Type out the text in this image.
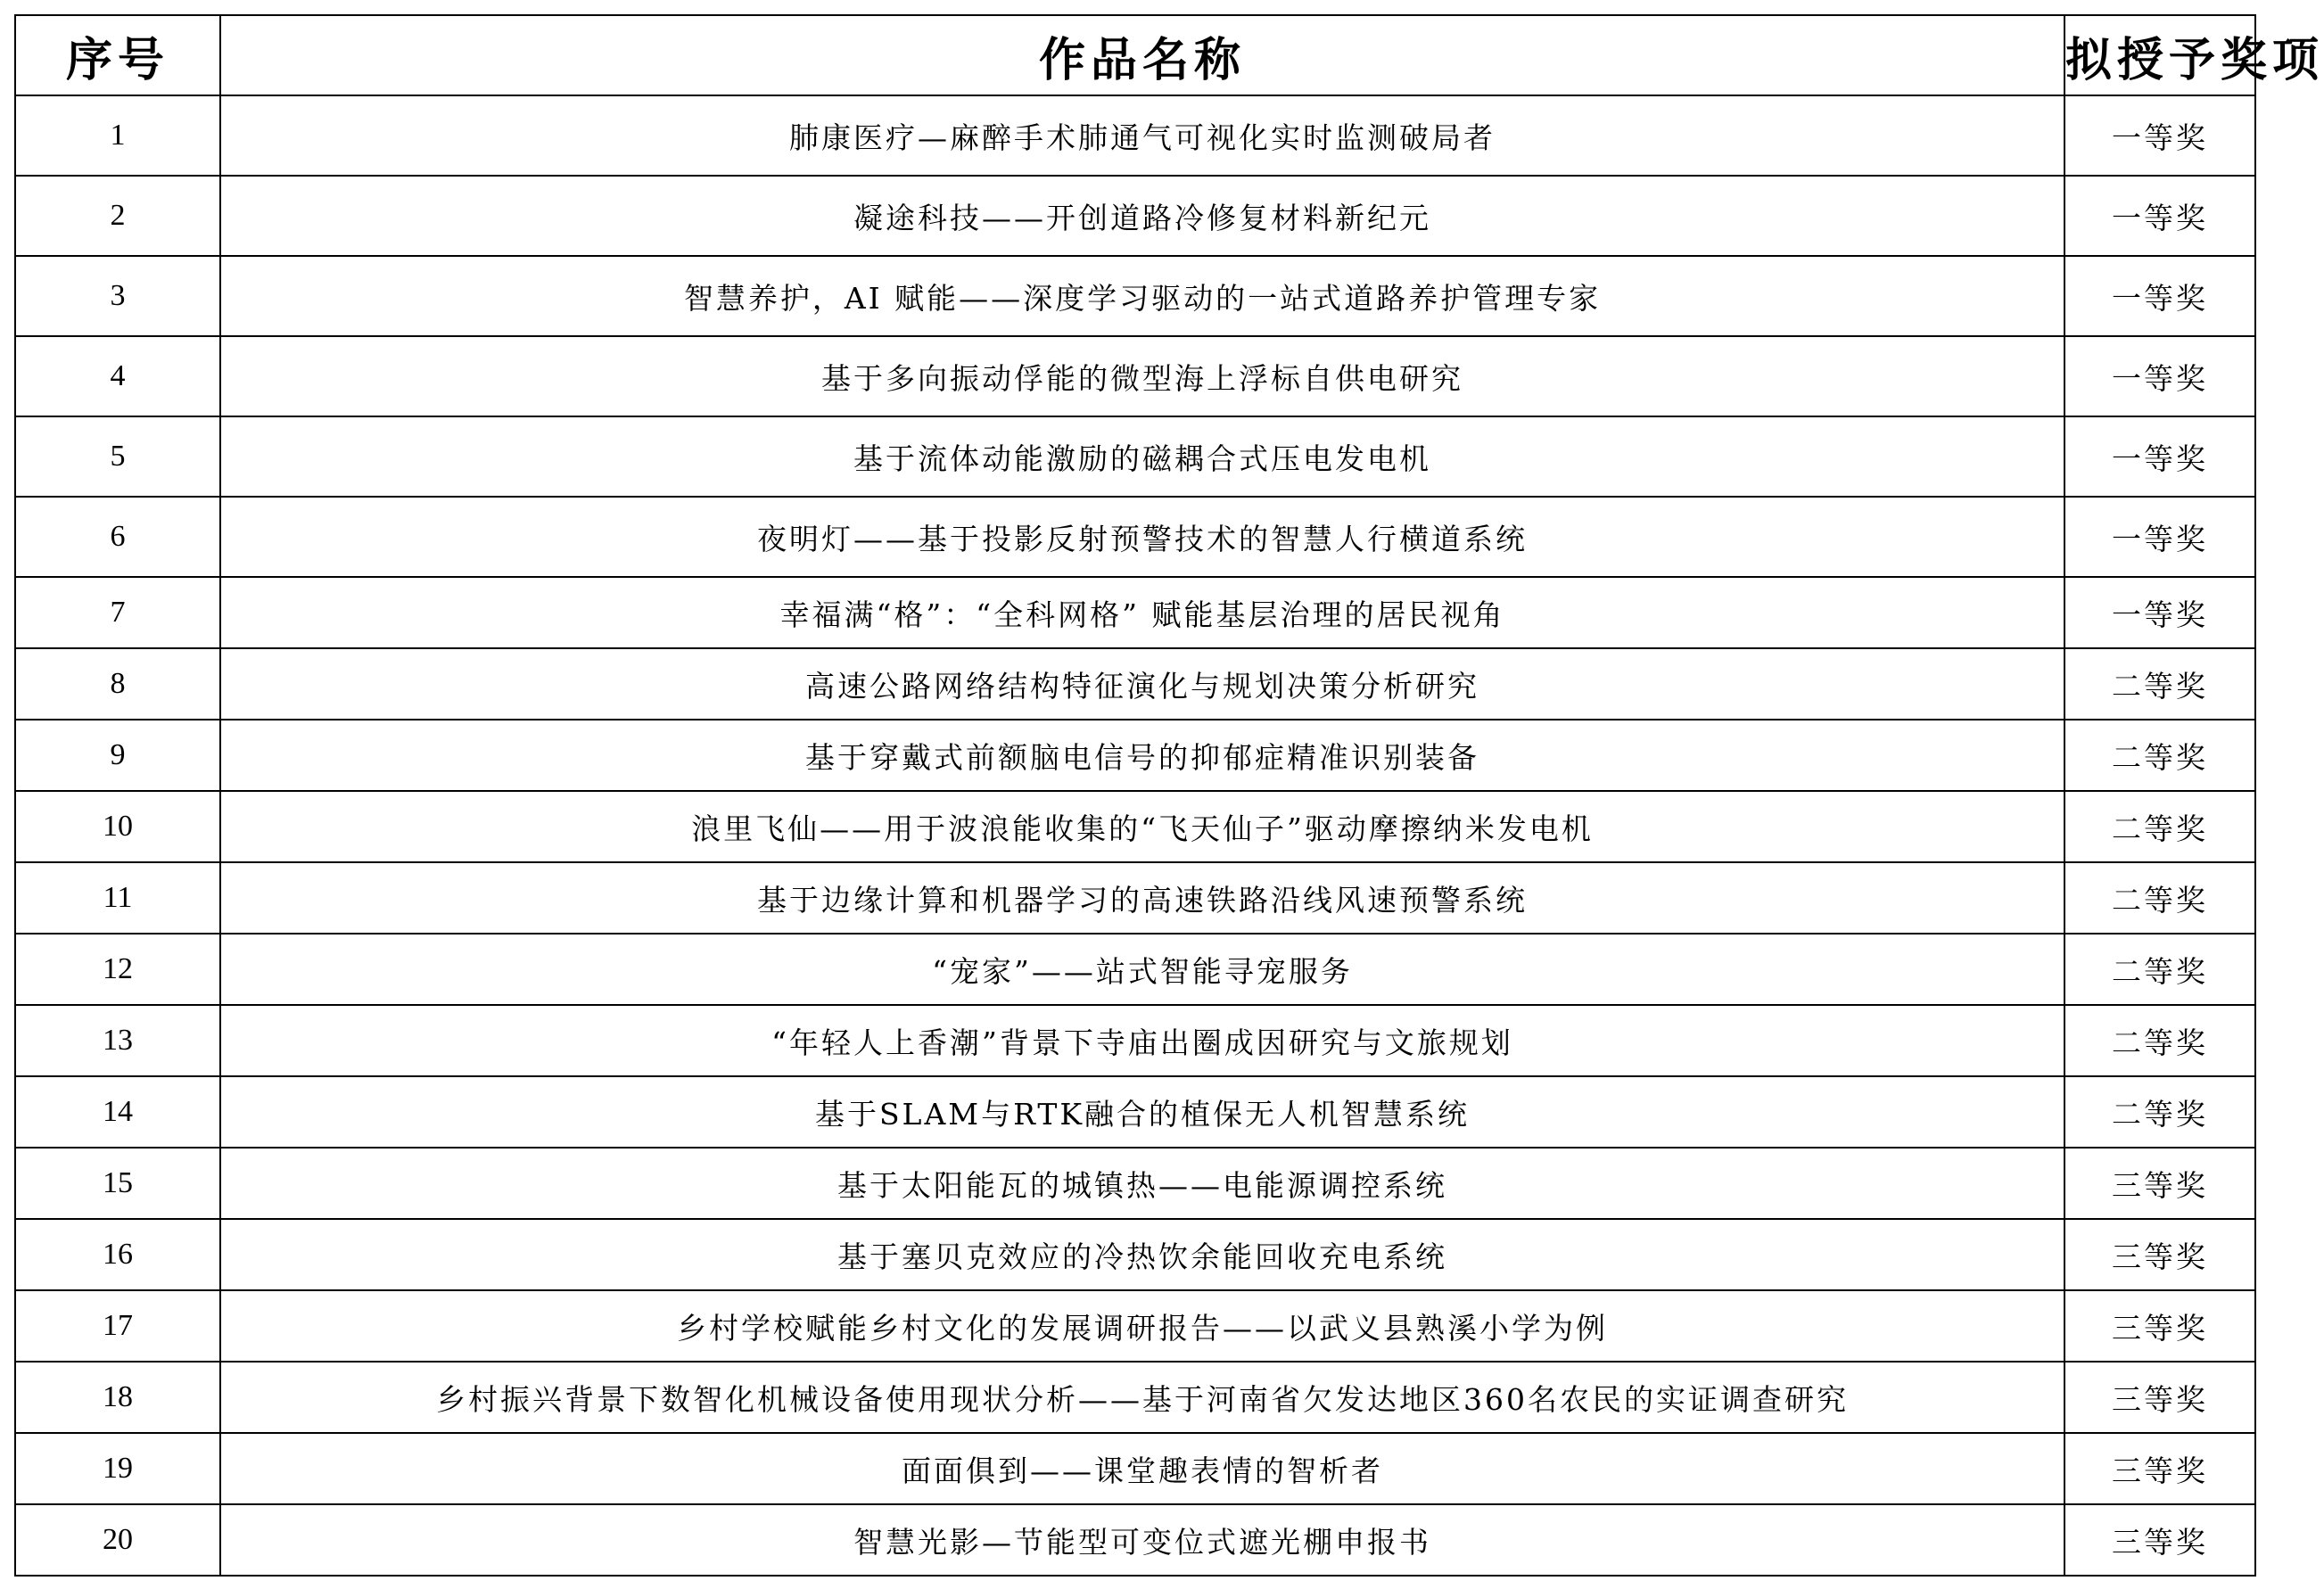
序号	作品名称	拟授予奖项
1	肺康医疗—麻醉手术肺通气可视化实时监测破局者	一等奖
2	凝途科技——开创道路冷修复材料新纪元	一等奖
3	智慧养护，AI 赋能——深度学习驱动的一站式道路养护管理专家	一等奖
4	基于多向振动俘能的微型海上浮标自供电研究	一等奖
5	基于流体动能激励的磁耦合式压电发电机	一等奖
6	夜明灯——基于投影反射预警技术的智慧人行横道系统	一等奖
7	幸福满“格”：“全科网格” 赋能基层治理的居民视角	一等奖
8	高速公路网络结构特征演化与规划决策分析研究	二等奖
9	基于穿戴式前额脑电信号的抑郁症精准识别装备	二等奖
10	浪里飞仙——用于波浪能收集的“飞天仙子”驱动摩擦纳米发电机	二等奖
11	基于边缘计算和机器学习的高速铁路沿线风速预警系统	二等奖
12	“宠家”——站式智能寻宠服务	二等奖
13	“年轻人上香潮”背景下寺庙出圈成因研究与文旅规划	二等奖
14	基于SLAM与RTK融合的植保无人机智慧系统	二等奖
15	基于太阳能瓦的城镇热——电能源调控系统	三等奖
16	基于塞贝克效应的冷热饮余能回收充电系统	三等奖
17	乡村学校赋能乡村文化的发展调研报告——以武义县熟溪小学为例	三等奖
18	乡村振兴背景下数智化机械设备使用现状分析——基于河南省欠发达地区360名农民的实证调查研究	三等奖
19	面面俱到——课堂趣表情的智析者	三等奖
20	智慧光影—节能型可变位式遮光棚申报书	三等奖
